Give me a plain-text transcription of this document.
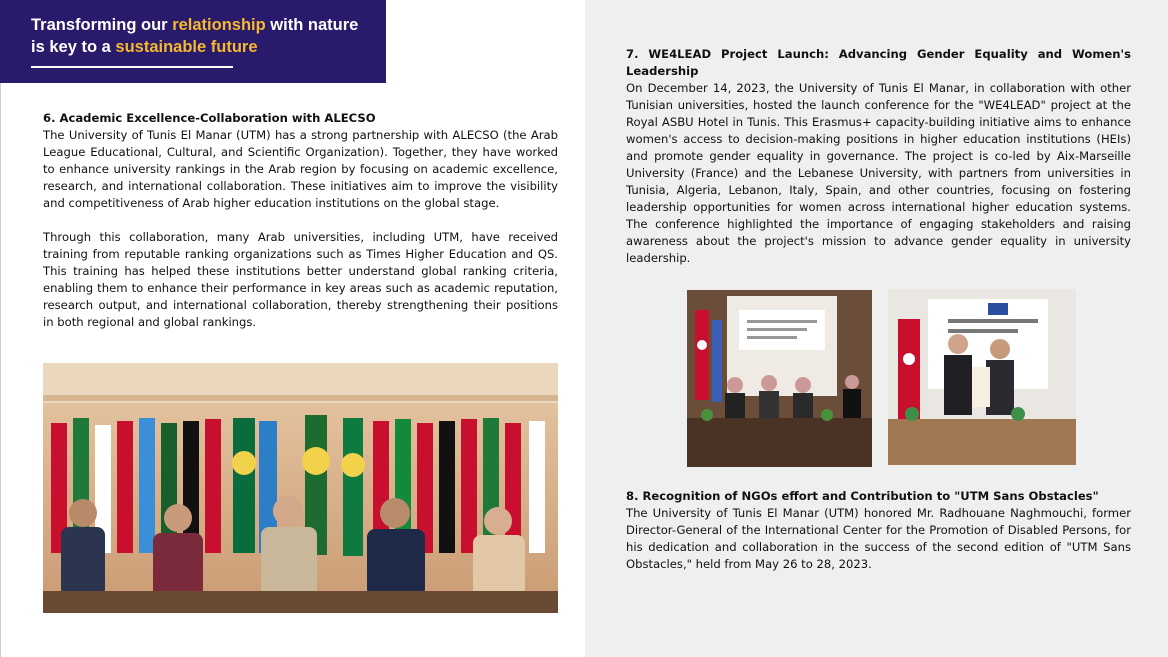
Transforming our relationship with nature
is key to a sustainable future

6. Academic Excellence-Collaboration with ALECSO

The University of Tunis El Manar (UTM) has a strong partnership with ALECSO (the Arab League Educational, Cultural, and Scientific Organization). Together, they have worked to enhance university rankings in the Arab region by focusing on academic excellence, research, and international collaboration. These initiatives aim to improve the visibility and competitiveness of Arab higher education institutions on the global stage.

Through this collaboration, many Arab universities, including UTM, have received training from reputable ranking organizations such as Times Higher Education and QS. This training has helped these institutions better understand global ranking criteria, enabling them to enhance their performance in key areas such as academic reputation, research output, and international collaboration, thereby strengthening their positions in both regional and global rankings.

7. WE4LEAD Project Launch: Advancing Gender Equality and Women's Leadership

On December 14, 2023, the University of Tunis El Manar, in collaboration with other Tunisian universities, hosted the launch conference for the "WE4LEAD" project at the Royal ASBU Hotel in Tunis. This Erasmus+ capacity-building initiative aims to enhance women's access to decision-making positions in higher education institutions (HEIs) and promote gender equality in governance. The project is co-led by Aix-Marseille University (France) and the Lebanese University, with partners from universities in Tunisia, Algeria, Lebanon, Italy, Spain, and other countries, focusing on fostering leadership opportunities for women across international higher education systems. The conference highlighted the importance of engaging stakeholders and raising awareness about the project's mission to advance gender equality in university leadership.

8. Recognition of NGOs effort and Contribution to "UTM Sans Obstacles"

The University of Tunis El Manar (UTM) honored Mr. Radhouane Naghmouchi, former Director-General of the International Center for the Promotion of Disabled Persons, for his dedication and collaboration in the success of the second edition of "UTM Sans Obstacles," held from May 26 to 28, 2023.
